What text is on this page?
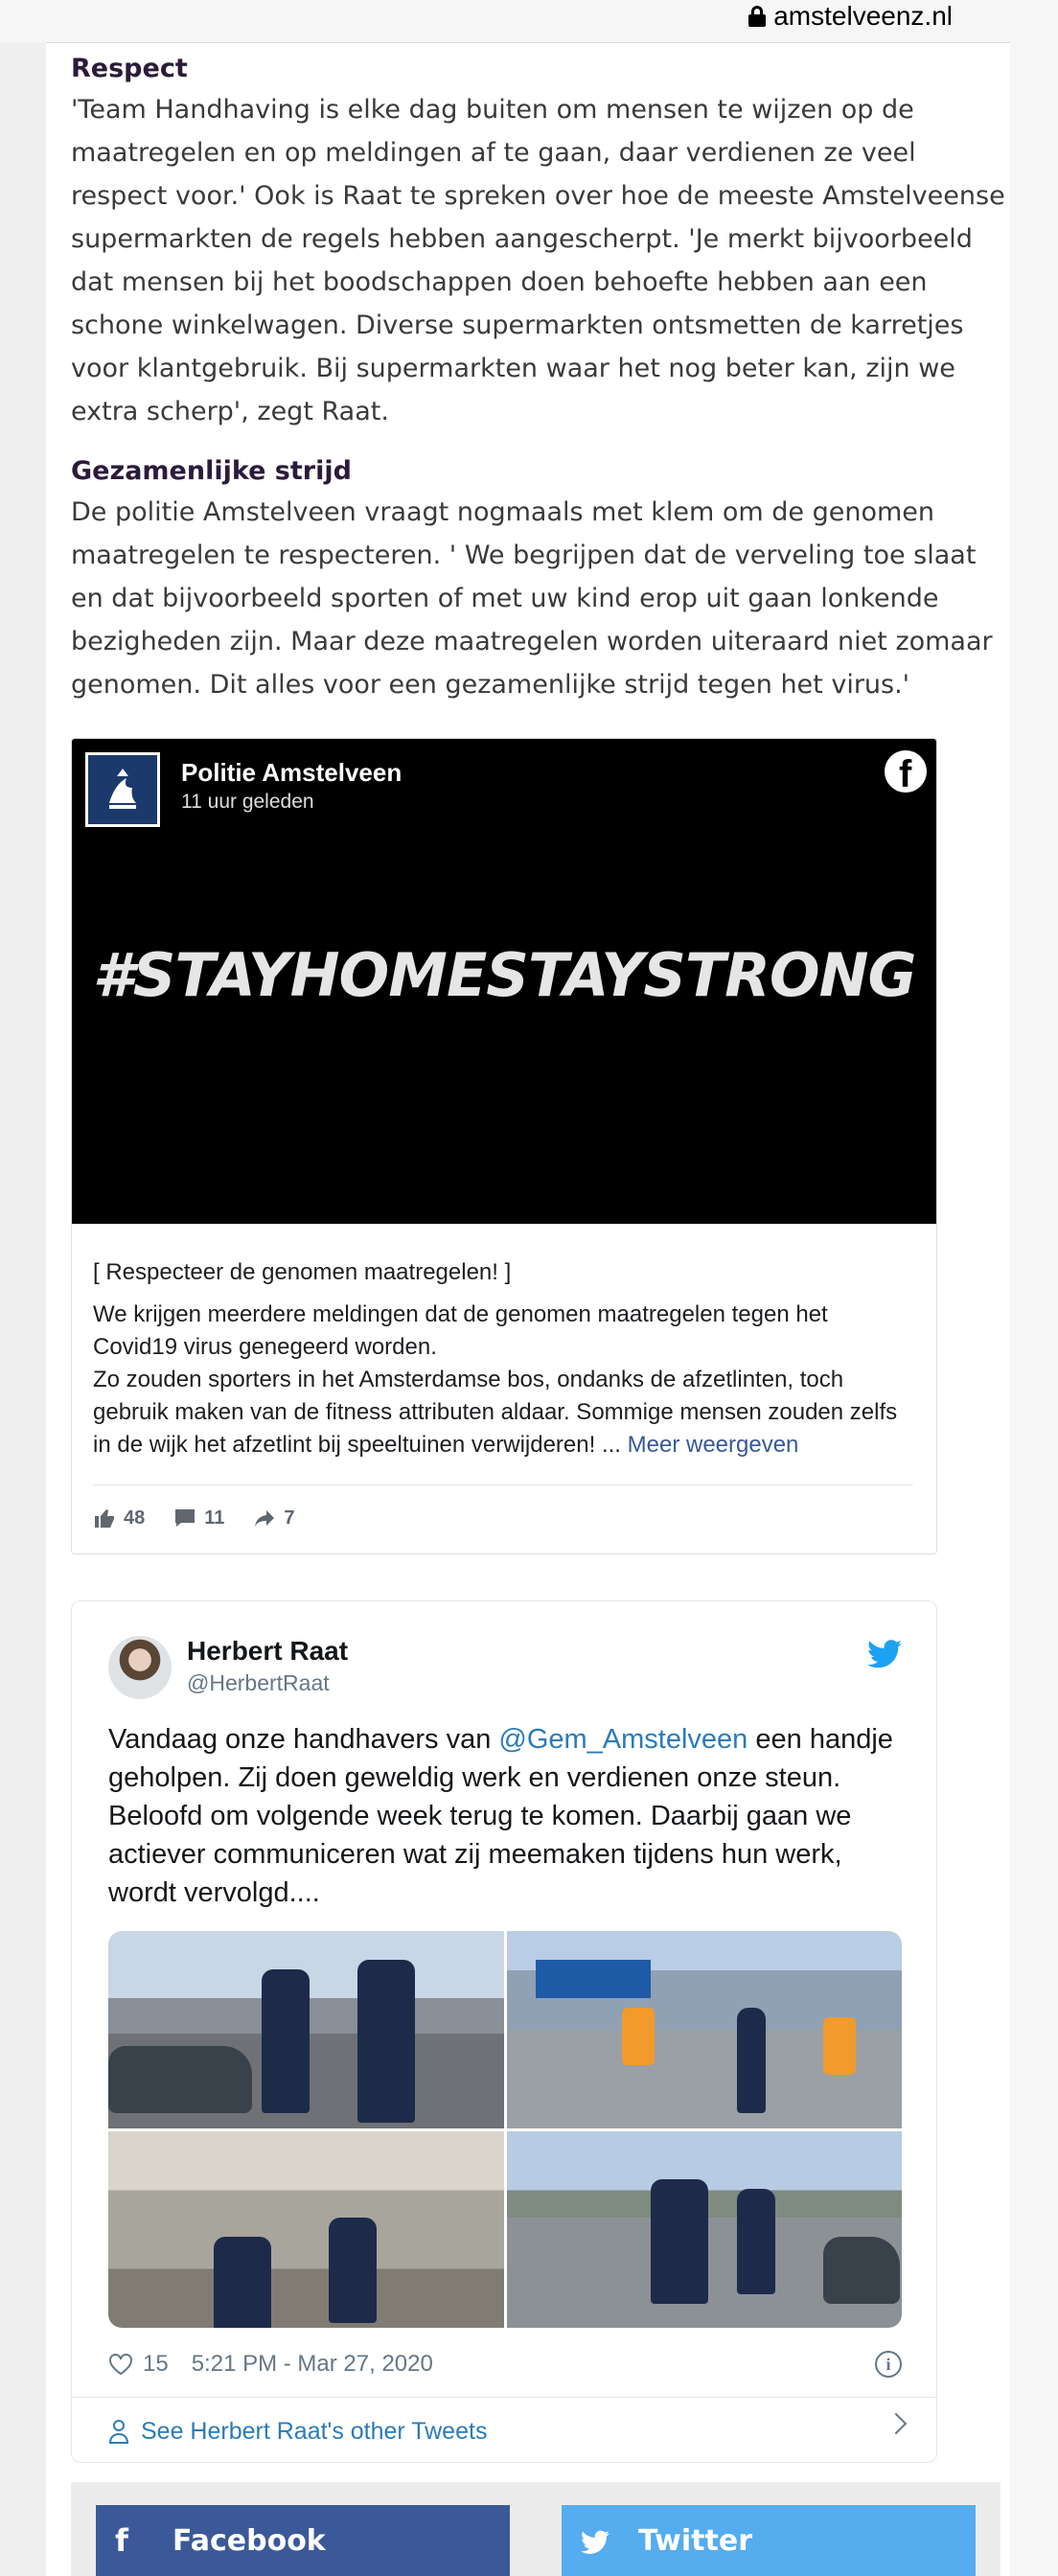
amstelveenz.nl
Respect

'Team Handhaving is elke dag buiten om mensen te wijzen op de maatregelen en op meldingen af te gaan, daar verdienen ze veel respect voor.' Ook is Raat te spreken over hoe de meeste Amstelveense supermarkten de regels hebben aangescherpt. 'Je merkt bijvoorbeeld dat mensen bij het boodschappen doen behoefte hebben aan een schone winkelwagen. Diverse supermarkten ontsmetten de karretjes voor klantgebruik. Bij supermarkten waar het nog beter kan, zijn we extra scherp', zegt Raat.

Gezamenlijke strijd

De politie Amstelveen vraagt nogmaals met klem om de genomen maatregelen te respecteren. ' We begrijpen dat de verveling toe slaat en dat bijvoorbeeld sporten of met uw kind erop uit gaan lonkende bezigheden zijn. Maar deze maatregelen worden uiteraard niet zomaar genomen. Dit alles voor een gezamenlijke strijd tegen het virus.'

Politie Amstelveen
11 uur geleden
f
#STAYHOMESTAYSTRONG
[ Respecteer de genomen maatregelen! ]

We krijgen meerdere meldingen dat de genomen maatregelen tegen het Covid19 virus genegeerd worden.

Zo zouden sporters in het Amsterdamse bos, ondanks de afzetlinten, toch gebruik maken van de fitness attributen aldaar. Sommige mensen zouden zelfs in de wijk het afzetlint bij speeltuinen verwijderen! ... Meer weergeven

48	11	7
Herbert Raat
@HerbertRaat

Vandaag onze handhavers van @Gem_Amstelveen een handje geholpen. Zij doen geweldig werk en verdienen onze steun. Beloofd om volgende week terug te komen. Daarbij gaan we actiever communiceren wat zij meemaken tijdens hun werk, wordt vervolgd....

15 5:21 PM - Mar 27, 2020	i
See Herbert Raat's other Tweets
f	Facebook	Twitter
